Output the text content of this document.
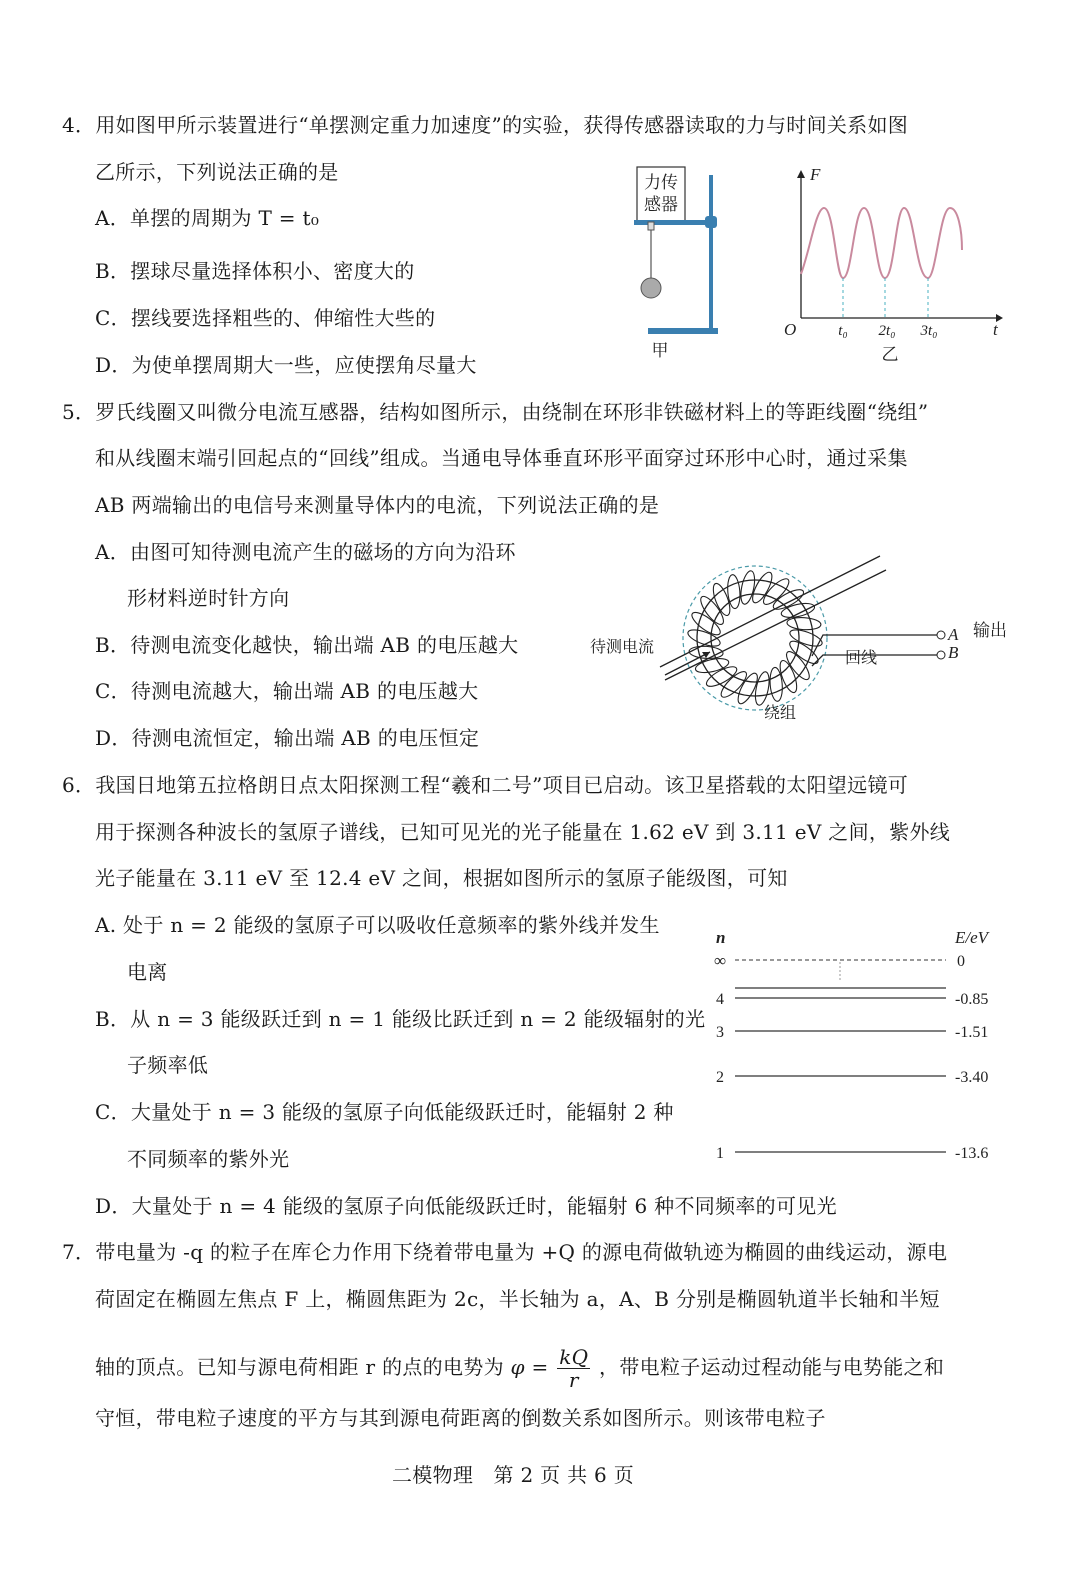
4．用如图甲所示装置进行“单摆测定重力加速度”的实验，获得传感器读取的力与时间关系如图
乙所示，下列说法正确的是
A．单摆的周期为 T = t₀
B．摆球尽量选择体积小、密度大的
C．摆线要选择粗些的、伸缩性大些的
D．为使单摆周期大一些，应使摆角尽量大
力传
感器
甲
F
t
O	t₀ 2t₀ 3t₀
乙
5．罗氏线圈又叫微分电流互感器，结构如图所示，由绕制在环形非铁磁材料上的等距线圈“绕组”
和从线圈末端引回起点的“回线”组成。当通电导体垂直环形平面穿过环形中心时，通过采集
AB 两端输出的电信号来测量导体内的电流，下列说法正确的是
A．由图可知待测电流产生的磁场的方向为沿环
形材料逆时针方向
B．待测电流变化越快，输出端 AB 的电压越大
C．待测电流越大，输出端 AB 的电压越大
D．待测电流恒定，输出端 AB 的电压恒定
待测电流
A
B
输出
回线
绕组
6．我国日地第五拉格朗日点太阳探测工程“羲和二号”项目已启动。该卫星搭载的太阳望远镜可
用于探测各种波长的氢原子谱线，已知可见光的光子能量在 1.62 eV 到 3.11 eV 之间，紫外线
光子能量在 3.11 eV 至 12.4 eV 之间，根据如图所示的氢原子能级图，可知
A. 处于 n = 2 能级的氢原子可以吸收任意频率的紫外线并发生
电离
B．从 n = 3 能级跃迁到 n = 1 能级比跃迁到 n = 2 能级辐射的光
子频率低
C．大量处于 n = 3 能级的氢原子向低能级跃迁时，能辐射 2 种
不同频率的紫外光
D．大量处于 n = 4 能级的氢原子向低能级跃迁时，能辐射 6 种不同频率的可见光
n	E/eV
∞	0
4	-0.85
3	-1.51
2	-3.40
1	-13.6
7．带电量为 -q 的粒子在库仑力作用下绕着带电量为 +Q 的源电荷做轨迹为椭圆的曲线运动，源电
荷固定在椭圆左焦点 F 上，椭圆焦距为 2c，半长轴为 a，A、B 分别是椭圆轨道半长轴和半短
轴的顶点。已知与源电荷相距 r 的点的电势为 $\varphi = \frac{kQ}{r}$ ，带电粒子运动过程动能与电势能之和
守恒，带电粒子速度的平方与其到源电荷距离的倒数关系如图所示。则该带电粒子
二模物理　第 2 页 共 6 页
